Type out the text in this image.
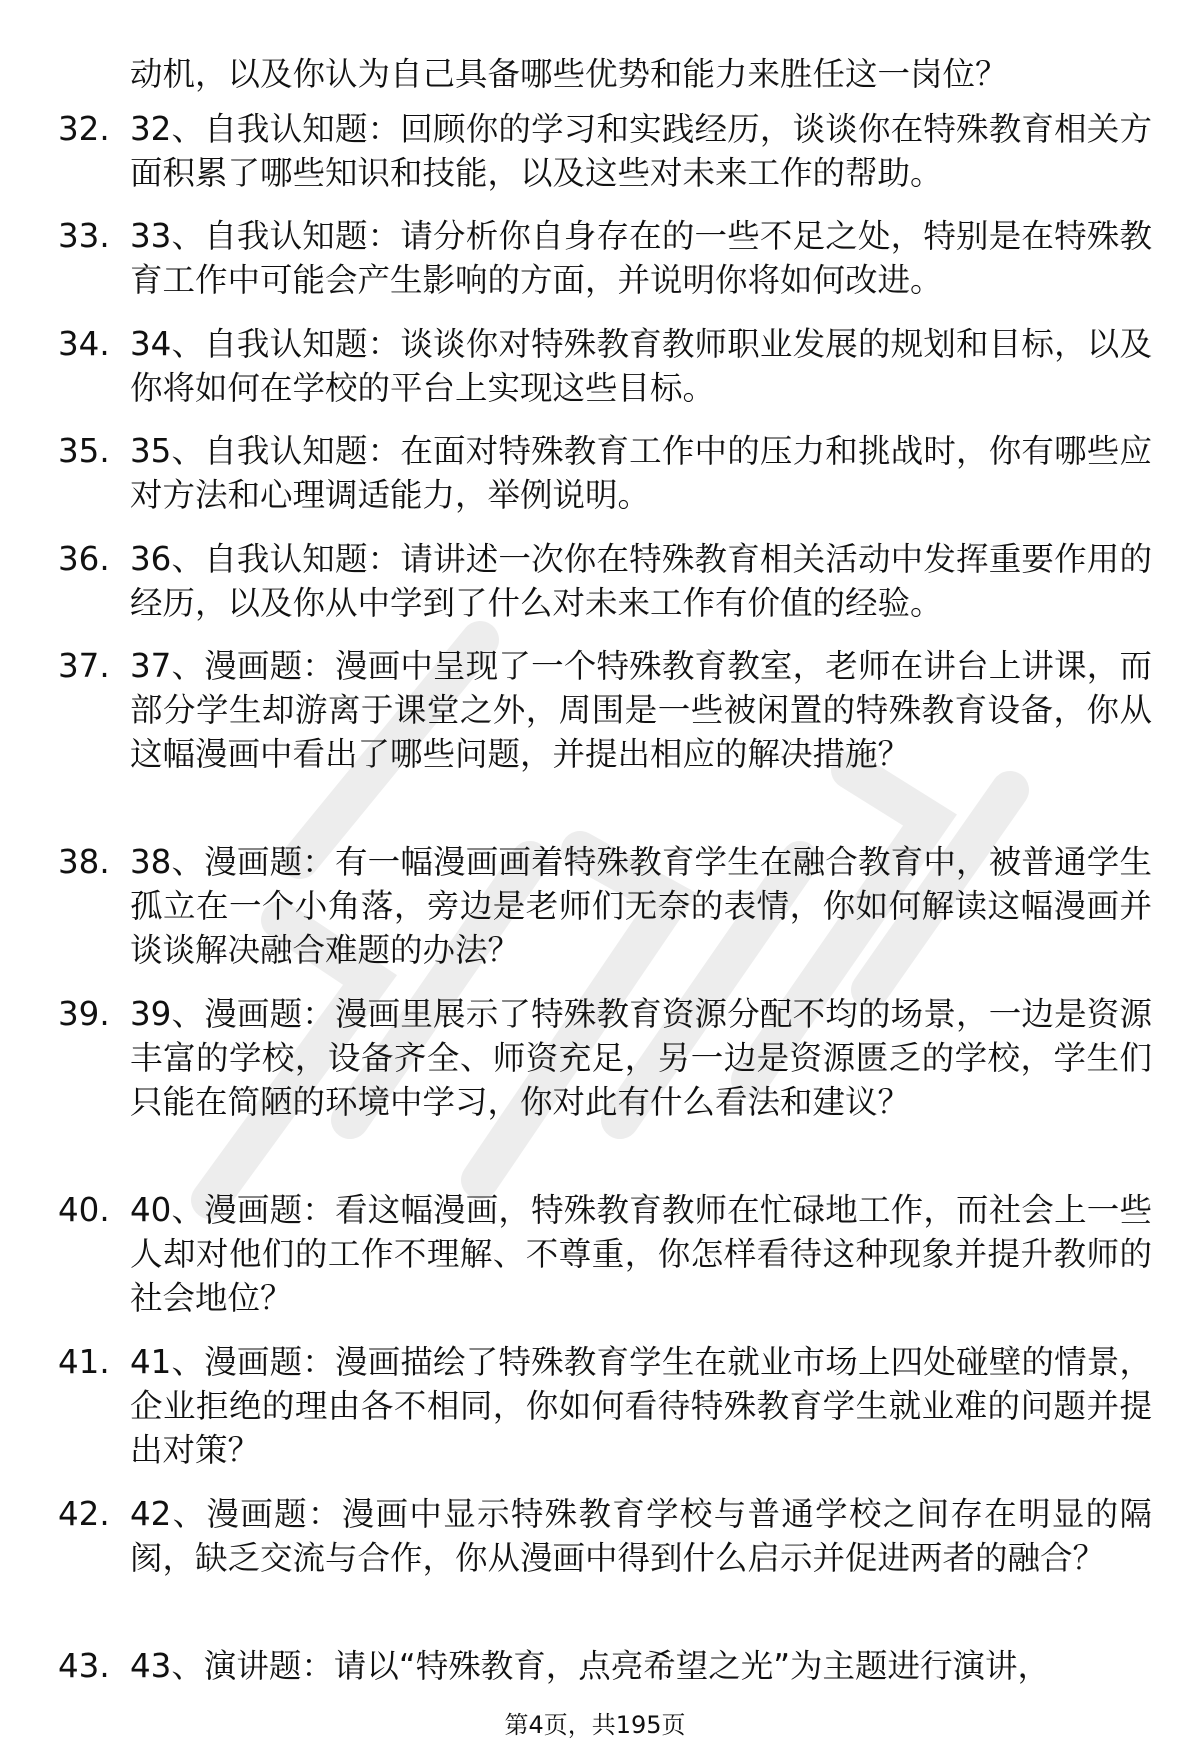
动机，以及你认为自己具备哪些优势和能力来胜任这一岗位？
32. 32、自我认知题：回顾你的学习和实践经历，谈谈你在特殊教育相关方面积累了哪些知识和技能，以及这些对未来工作的帮助。
33. 33、自我认知题：请分析你自身存在的一些不足之处，特别是在特殊教育工作中可能会产生影响的方面，并说明你将如何改进。
34. 34、自我认知题：谈谈你对特殊教育教师职业发展的规划和目标，以及你将如何在学校的平台上实现这些目标。
35. 35、自我认知题：在面对特殊教育工作中的压力和挑战时，你有哪些应对方法和心理调适能力，举例说明。
36. 36、自我认知题：请讲述一次你在特殊教育相关活动中发挥重要作用的经历，以及你从中学到了什么对未来工作有价值的经验。
37. 37、漫画题：漫画中呈现了一个特殊教育教室，老师在讲台上讲课，而部分学生却游离于课堂之外，周围是一些被闲置的特殊教育设备，你从这幅漫画中看出了哪些问题，并提出相应的解决措施？
38. 38、漫画题：有一幅漫画画着特殊教育学生在融合教育中，被普通学生孤立在一个小角落，旁边是老师们无奈的表情，你如何解读这幅漫画并谈谈解决融合难题的办法？
39. 39、漫画题：漫画里展示了特殊教育资源分配不均的场景，一边是资源丰富的学校，设备齐全、师资充足，另一边是资源匮乏的学校，学生们只能在简陋的环境中学习，你对此有什么看法和建议？
40. 40、漫画题：看这幅漫画，特殊教育教师在忙碌地工作，而社会上一些人却对他们的工作不理解、不尊重，你怎样看待这种现象并提升教师的社会地位？
41. 41、漫画题：漫画描绘了特殊教育学生在就业市场上四处碰壁的情景，企业拒绝的理由各不相同，你如何看待特殊教育学生就业难的问题并提出对策？
42. 42、漫画题：漫画中显示特殊教育学校与普通学校之间存在明显的隔阂，缺乏交流与合作，你从漫画中得到什么启示并促进两者的融合？
43. 43、演讲题：请以“特殊教育，点亮希望之光”为主题进行演讲，
第4页，共195页
